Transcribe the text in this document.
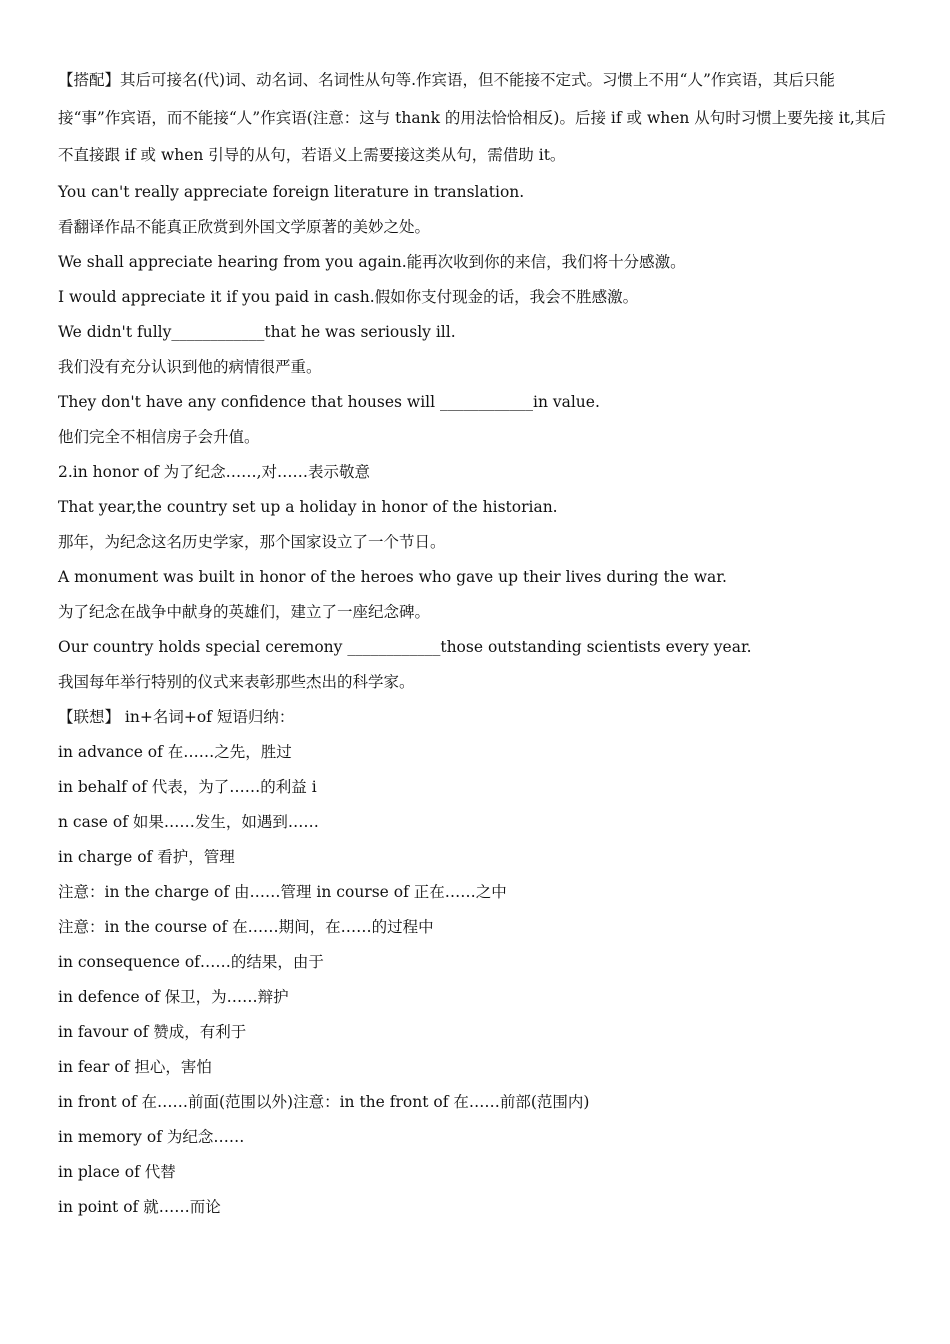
【搭配】其后可接名(代)词、动名词、名词性从句等.作宾语，但不能接不定式。习惯上不用“人”作宾语，其后只能接“事”作宾语，而不能接“人”作宾语(注意：这与 thank 的用法恰恰相反)。后接 if 或 when 从句时习惯上要先接 it,其后不直接跟 if 或 when 引导的从句，若语义上需要接这类从句，需借助 it。

You can't really appreciate foreign literature in translation.

看翻译作品不能真正欣赏到外国文学原著的美妙之处。

We shall appreciate hearing from you again.能再次收到你的来信，我们将十分感激。

I would appreciate it if you paid in cash.假如你支付现金的话，我会不胜感激。

We didn't fully____________that he was seriously ill.

我们没有充分认识到他的病情很严重。

They don't have any confidence that houses will ____________in value.

他们完全不相信房子会升值。

2.in honor of 为了纪念……,对……表示敬意

That year,the country set up a holiday in honor of the historian.

那年，为纪念这名历史学家，那个国家设立了一个节日。

A monument was built in honor of the heroes who gave up their lives during the war.

为了纪念在战争中献身的英雄们，建立了一座纪念碑。

Our country holds special ceremony ____________those outstanding scientists every year.

我国每年举行特别的仪式来表彰那些杰出的科学家。

【联想】 in+名词+of 短语归纳：

in advance of 在……之先，胜过

in behalf of 代表，为了……的利益 i

n case of 如果……发生，如遇到……

in charge of 看护，管理

注意：in the charge of 由……管理 in course of 正在……之中

注意：in the course of 在……期间，在……的过程中

in consequence of……的结果，由于

in defence of 保卫，为……辩护

in favour of 赞成，有利于

in fear of 担心，害怕

in front of 在……前面(范围以外)注意：in the front of 在……前部(范围内)

in memory of 为纪念……

in place of 代替

in point of 就……而论
